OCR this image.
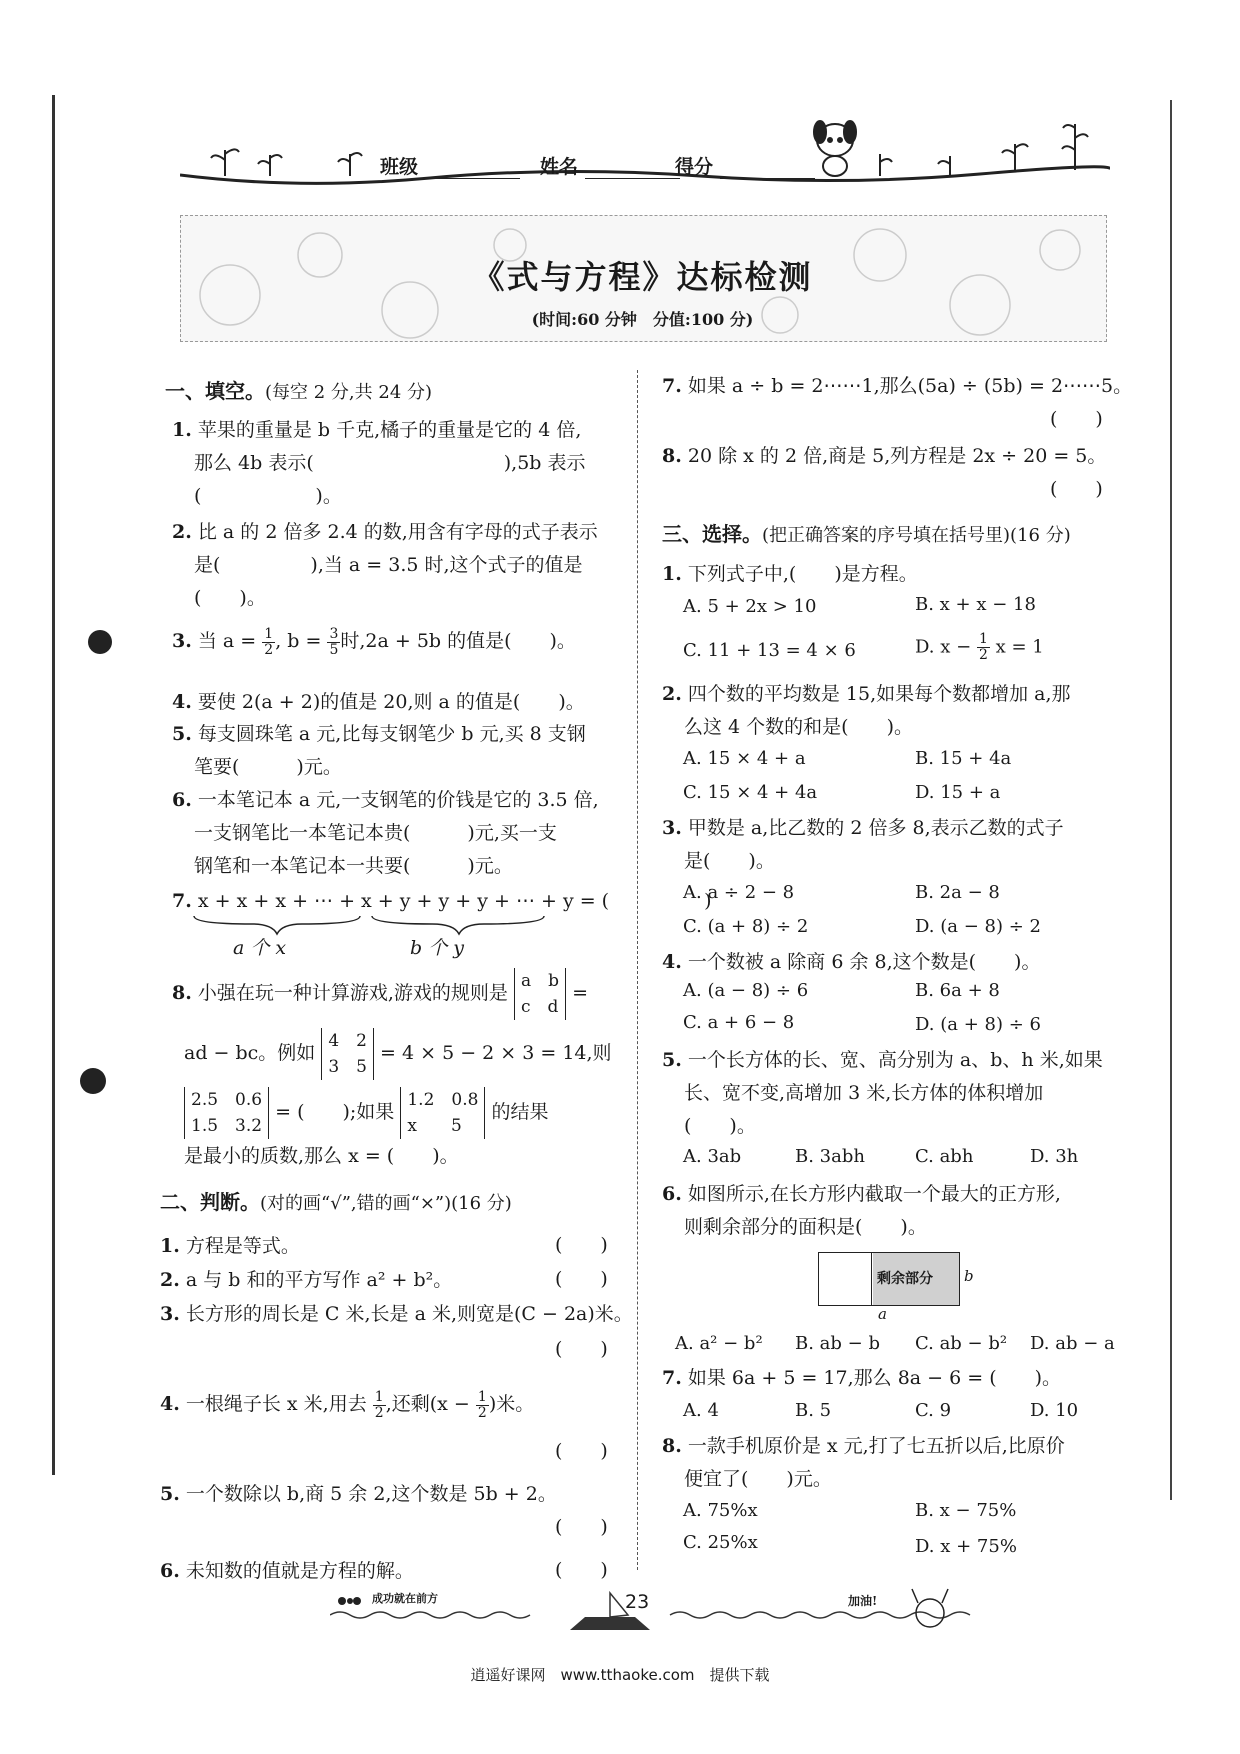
班级	姓名	得分
《式与方程》达标检测
(时间:60 分钟　分值:100 分)
一、填空。(每空 2 分,共 24 分)
1. 苹果的重量是 b 千克,橘子的重量是它的 4 倍,
那么 4b 表示(	),5b 表示
(　　　　　　)。
2. 比 a 的 2 倍多 2.4 的数,用含有字母的式子表示
是(	),当 a = 3.5 时,这个式子的值是
(　　)。
3. 当 $a = \frac{1}{2}$ , $b = \frac{3}{5}$ 时,2a + 5b 的值是(　　)。
4. 要使 2(a + 2)的值是 20,则 a 的值是(　　)。
5. 每支圆珠笔 a 元,比每支钢笔少 b 元,买 8 支钢
笔要(　　　)元。
6. 一本笔记本 a 元,一支钢笔的价钱是它的 3.5 倍,
一支钢笔比一本笔记本贵(　　　)元,买一支
钢笔和一本笔记本一共要(　　　)元。
7. x + x + x + ⋯ + x + y + y + y + ⋯ + y = (　　　　　)
a 个 x	b 个 y
8. 小强在玩一种计算游戏,游戏的规则是
a　b
c　d
=
ad − bc。例如
4　2
3　5
= 4 × 5 − 2 × 3 = 14,则
2.5　0.6
1.5　3.2
= (　　);如果
1.2　0.8
x　　5
的结果
是最小的质数,那么 x = (　　)。
二、判断。(对的画“√”,错的画“×”)(16 分)
1. 方程是等式。	(　　)
2. a 与 b 和的平方写作 a² + b²。	(　　)
3. 长方形的周长是 C 米,长是 a 米,则宽是(C − 2a)米。
(　　)
4. 一根绳子长 x 米,用去 $\frac{1}{2}$ ,还剩($x - \frac{1}{2}$ )米。
(　　)
5. 一个数除以 b,商 5 余 2,这个数是 5b + 2。
(　　)
6. 未知数的值就是方程的解。	(　　)
7. 如果 a ÷ b = 2⋯⋯1,那么(5a) ÷ (5b) = 2⋯⋯5。
(　　)
8. 20 除 x 的 2 倍,商是 5,列方程是 2x ÷ 20 = 5。
(　　)
三、选择。(把正确答案的序号填在括号里)(16 分)
1. 下列式子中,(　　)是方程。
A. 5 + 2x > 10	B. x + x − 18
C. 11 + 13 = 4 × 6	D. $x - \frac{1}{2}$ x = 1
2. 四个数的平均数是 15,如果每个数都增加 a,那
么这 4 个数的和是(　　)。
A. 15 × 4 + a	B. 15 + 4a
C. 15 × 4 + 4a	D. 15 + a
3. 甲数是 a,比乙数的 2 倍多 8,表示乙数的式子
是(　　)。
A. a ÷ 2 − 8	B. 2a − 8
C. (a + 8) ÷ 2	D. (a − 8) ÷ 2
4. 一个数被 a 除商 6 余 8,这个数是(　　)。
A. (a − 8) ÷ 6	B. 6a + 8
C. a + 6 − 8	D. (a + 8) ÷ 6
5. 一个长方体的长、宽、高分别为 a、b、h 米,如果
长、宽不变,高增加 3 米,长方体的体积增加
(　　)。
A. 3ab	B. 3abh	C. abh	D. 3h
6. 如图所示,在长方形内截取一个最大的正方形,
则剩余部分的面积是(　　)。
剩余部分 b
a
A. a² − b² B. ab − b C. ab − b² D. ab − a
7. 如果 6a + 5 = 17,那么 8a − 6 = (　　)。
A. 4	B. 5	C. 9	D. 10
8. 一款手机原价是 x 元,打了七五折以后,比原价
便宜了(　　)元。
A. 75%x	B. x − 75%
C. 25%x	D. x + 75%
成功就在前方	23	加油!
逍遥好课网　www.tthaoke.com　提供下载
